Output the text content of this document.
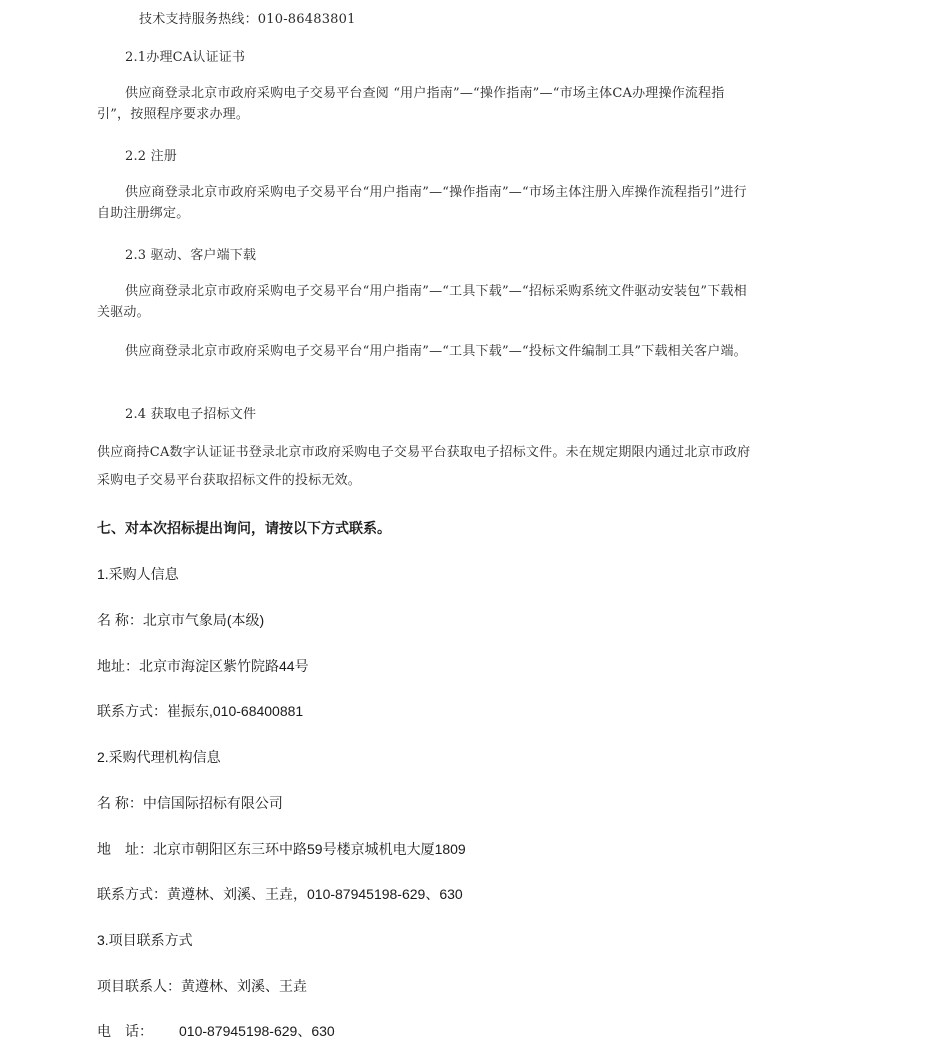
技术支持服务热线：010-86483801
2.1办理CA认证证书
供应商登录北京市政府采购电子交易平台查阅 “用户指南”—“操作指南”—“市场主体CA办理操作流程指引”，按照程序要求办理。
2.2 注册
供应商登录北京市政府采购电子交易平台“用户指南”—“操作指南”—“市场主体注册入库操作流程指引”进行自助注册绑定。
2.3 驱动、客户端下载
供应商登录北京市政府采购电子交易平台“用户指南”—“工具下载”—“招标采购系统文件驱动安装包”下载相关驱动。
供应商登录北京市政府采购电子交易平台“用户指南”—“工具下载”—“投标文件编制工具”下载相关客户端。
2.4 获取电子招标文件
供应商持CA数字认证证书登录北京市政府采购电子交易平台获取电子招标文件。未在规定期限内通过北京市政府采购电子交易平台获取招标文件的投标无效。
七、对本次招标提出询问，请按以下方式联系。
1.采购人信息
名 称：北京市气象局(本级)
地址：北京市海淀区紫竹院路44号
联系方式：崔振东,010-68400881
2.采购代理机构信息
名 称：中信国际招标有限公司
地　址：北京市朝阳区东三环中路59号楼京城机电大厦1809
联系方式：黄遵林、刘溪、王垚，010-87945198-629、630
3.项目联系方式
项目联系人：黄遵林、刘溪、王垚
电　话： 010-87945198-629、630
